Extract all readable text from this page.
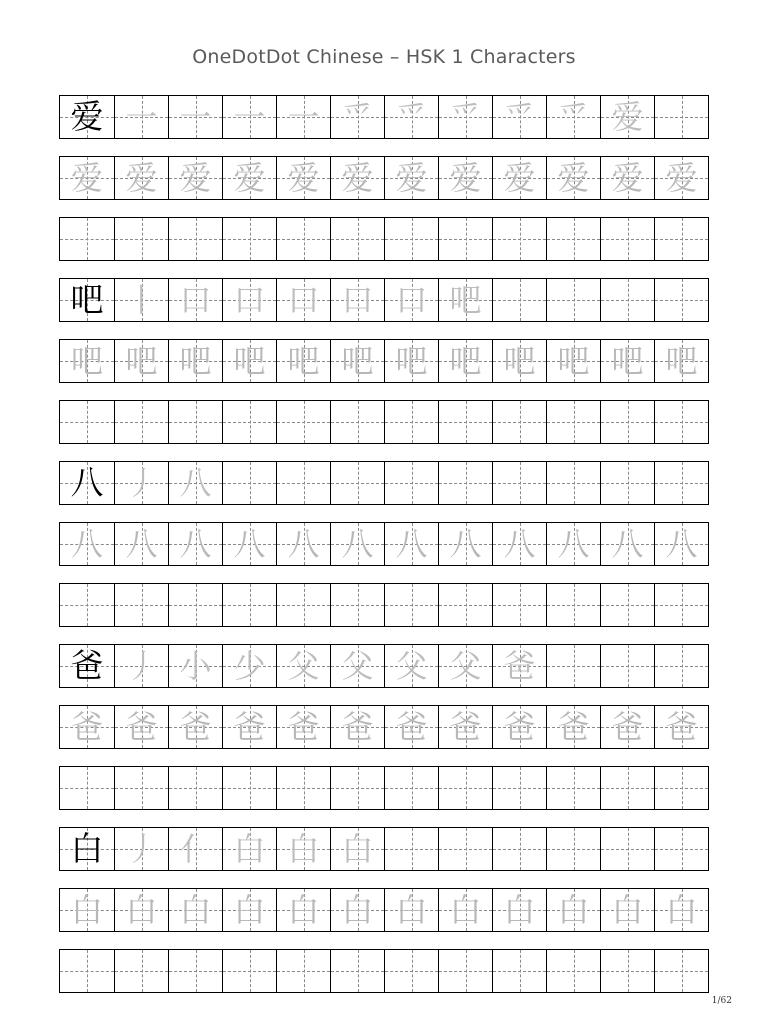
OneDotDot Chinese – HSK 1 Characters
爱 一 一 一 一 爫 爫 爫 爫 爫 爱
爱 爱 爱 爱 爱 爱 爱 爱 爱 爱 爱 爱
吧 丨 口 口 口 口 口 吧
吧 吧 吧 吧 吧 吧 吧 吧 吧 吧 吧 吧
八 丿 八
八 八 八 八 八 八 八 八 八 八 八 八
爸 丿 小 少 父 父 父 父 爸
爸 爸 爸 爸 爸 爸 爸 爸 爸 爸 爸 爸
白 丿 亻 白 白 白
白 白 白 白 白 白 白 白 白 白 白 白
1/62
